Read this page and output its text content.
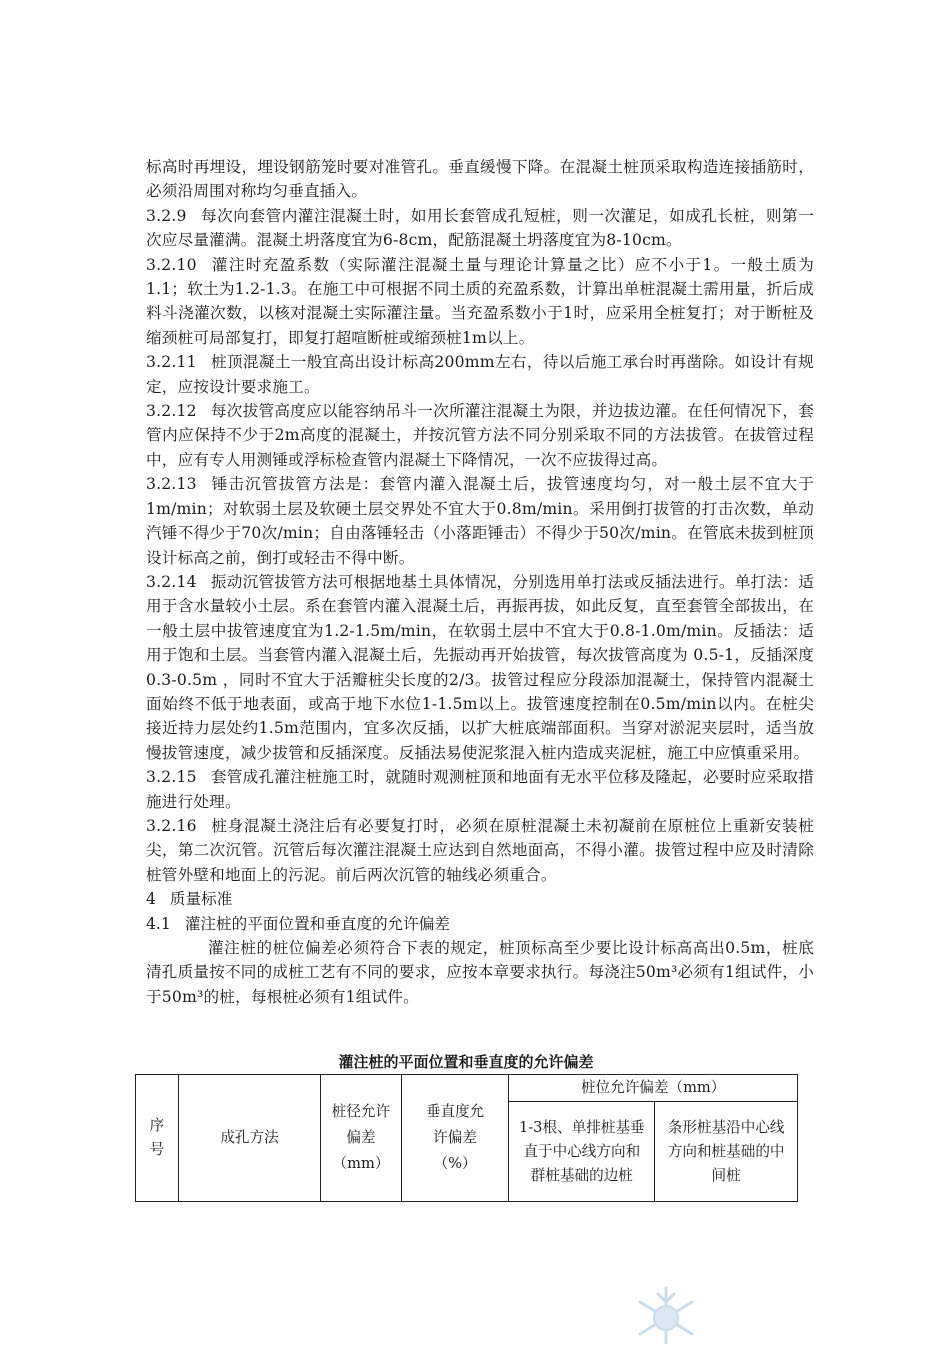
标高时再埋设，埋设钢筋笼时要对准管孔。垂直缓慢下降。在混凝土桩顶采取构造连接插筋时，必须沿周围对称均匀垂直插入。

3.2.9 每次向套管内灌注混凝土时，如用长套管成孔短桩，则一次灌足，如成孔长桩，则第一次应尽量灌满。混凝土坍落度宜为6-8cm，配筋混凝土坍落度宜为8-10cm。

3.2.10 灌注时充盈系数（实际灌注混凝土量与理论计算量之比）应不小于1。一般土质为1.1；软土为1.2-1.3。在施工中可根据不同土质的充盈系数，计算出单桩混凝土需用量，折后成料斗浇灌次数，以核对混凝土实际灌注量。当充盈系数小于1时，应采用全桩复打；对于断桩及缩颈桩可局部复打，即复打超喧断桩或缩颈桩1m以上。

3.2.11 桩顶混凝土一般宜高出设计标高200mm左右，待以后施工承台时再凿除。如设计有规定，应按设计要求施工。

3.2.12 每次拔管高度应以能容纳吊斗一次所灌注混凝土为限，并边拔边灌。在任何情况下，套管内应保持不少于2m高度的混凝土，并按沉管方法不同分别采取不同的方法拔管。在拔管过程中，应有专人用测锤或浮标检查管内混凝土下降情况，一次不应拔得过高。

3.2.13 锤击沉管拔管方法是：套管内灌入混凝土后，拔管速度均匀，对一般土层不宜大于1m/min；对软弱土层及软硬土层交界处不宜大于0.8m/min。采用倒打拔管的打击次数，单动汽锤不得少于70次/min；自由落锤轻击（小落距锤击）不得少于50次/min。在管底未拔到桩顶设计标高之前，倒打或轻击不得中断。

3.2.14 振动沉管拔管方法可根据地基土具体情况，分别选用单打法或反插法进行。单打法：适用于含水量较小土层。系在套管内灌入混凝土后，再振再拔，如此反复，直至套管全部拔出，在一般土层中拔管速度宜为1.2-1.5m/min，在软弱土层中不宜大于0.8-1.0m/min。反插法：适用于饱和土层。当套管内灌入混凝土后，先振动再开始拔管，每次拔管高度为 0.5-1，反插深度0.3-0.5m ，同时不宜大于活瓣桩尖长度的2/3。拔管过程应分段添加混凝土，保持管内混凝土面始终不低于地表面，或高于地下水位1-1.5m以上。拔管速度控制在0.5m/min以内。在桩尖接近持力层处约1.5m范围内，宜多次反插，以扩大桩底端部面积。当穿对淤泥夹层时，适当放慢拔管速度，减少拔管和反插深度。反插法易使泥浆混入桩内造成夹泥桩，施工中应慎重采用。

3.2.15 套管成孔灌注桩施工时，就随时观测桩顶和地面有无水平位移及隆起，必要时应采取措施进行处理。

3.2.16 桩身混凝土浇注后有必要复打时，必须在原桩混凝土未初凝前在原桩位上重新安装桩尖，第二次沉管。沉管后每次灌注混凝土应达到自然地面高，不得小灌。拔管过程中应及时清除桩管外壁和地面上的污泥。前后两次沉管的轴线必须重合。

4 质量标准

4.1 灌注桩的平面位置和垂直度的允许偏差

灌注桩的桩位偏差必须符合下表的规定，桩顶标高至少要比设计标高高出0.5m，桩底清孔质量按不同的成桩工艺有不同的要求，应按本章要求执行。每浇注50m³必须有1组试件，小于50m³的桩，每根桩必须有1组试件。

灌注桩的平面位置和垂直度的允许偏差
序号	成孔方法	桩径允许偏差（mm）	垂直度允许偏差（%）	桩位允许偏差（mm）	

				1-3根、单排桩基垂直于中心线方向和群桩基础的边桩	条形桩基沿中心线方向和桩基础的中间桩
